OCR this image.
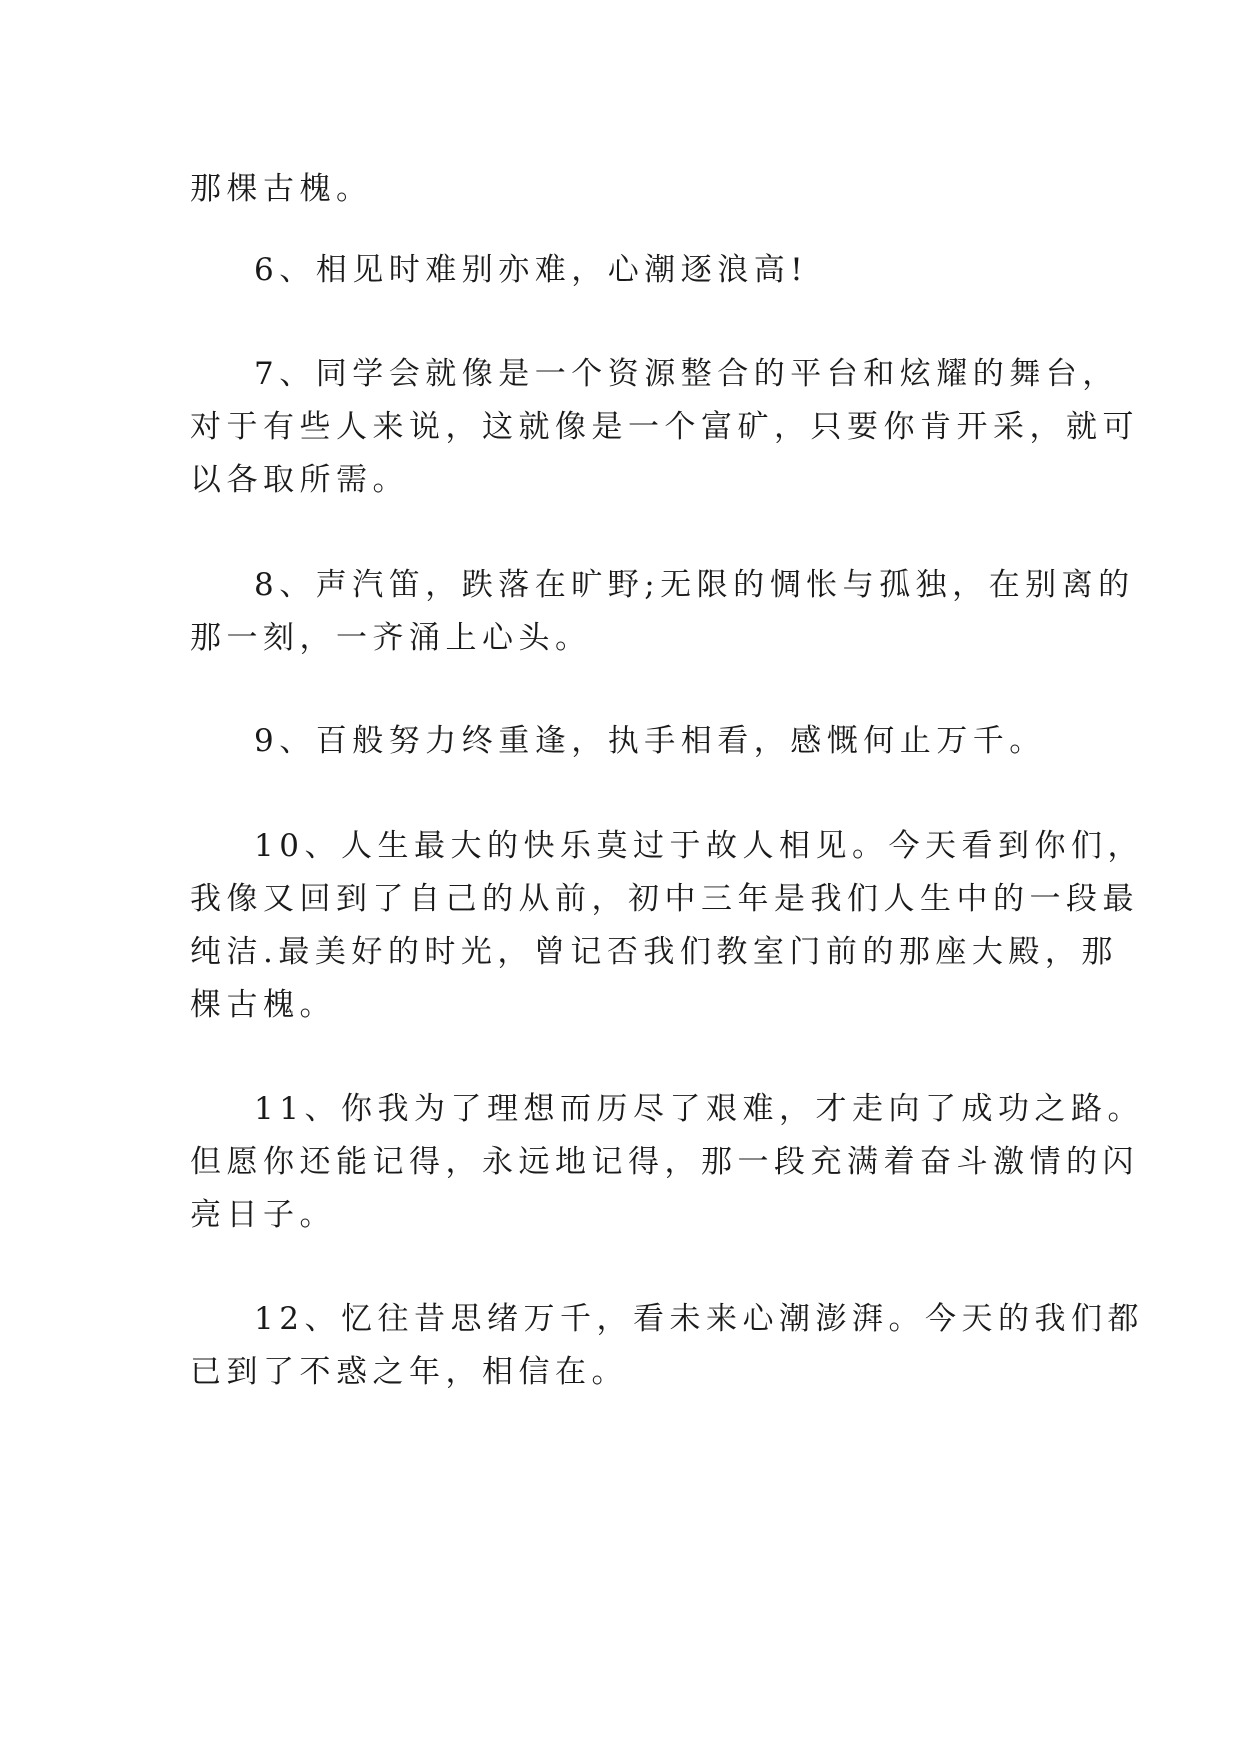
那棵古槐。
6、相见时难别亦难，心潮逐浪高!
7、同学会就像是一个资源整合的平台和炫耀的舞台，
对于有些人来说，这就像是一个富矿，只要你肯开采，就可
以各取所需。
8、声汽笛，跌落在旷野;无限的惆怅与孤独，在别离的
那一刻，一齐涌上心头。
9、百般努力终重逢，执手相看，感慨何止万千。
10、人生最大的快乐莫过于故人相见。今天看到你们，
我像又回到了自己的从前，初中三年是我们人生中的一段最
纯洁.最美好的时光，曾记否我们教室门前的那座大殿，那
棵古槐。
11、你我为了理想而历尽了艰难，才走向了成功之路。
但愿你还能记得，永远地记得，那一段充满着奋斗激情的闪
亮日子。
12、忆往昔思绪万千，看未来心潮澎湃。今天的我们都
已到了不惑之年，相信在。
